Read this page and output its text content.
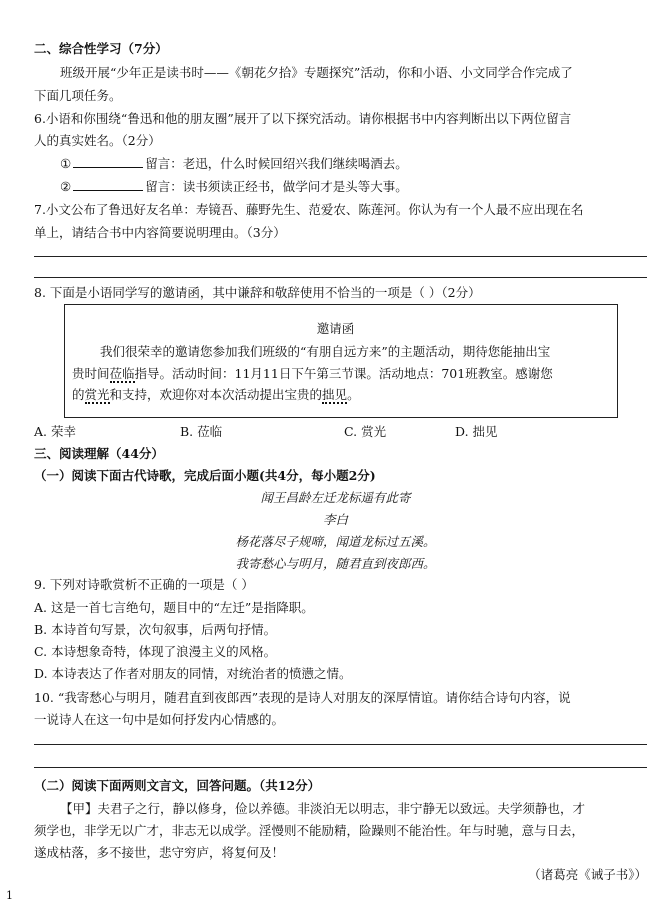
二、综合性学习（7分）
班级开展“少年正是读书时——《朝花夕拾》专题探究”活动，你和小语、小文同学合作完成了
下面几项任务。
6.小语和你围绕“鲁迅和他的朋友圈”展开了以下探究活动。请你根据书中内容判断出以下两位留言
人的真实姓名。（2分）
①	留言：老迅，什么时候回绍兴我们继续喝酒去。
②	留言：读书须读正经书，做学问才是头等大事。
7.小文公布了鲁迅好友名单：寿镜吾、藤野先生、范爱农、陈莲河。你认为有一个人最不应出现在名
单上，请结合书中内容简要说明理由。（3分）
8. 下面是小语同学写的邀请函，其中谦辞和敬辞使用不恰当的一项是（ ）（2分）
邀请函
我们很荣幸的邀请您参加我们班级的“有朋自远方来”的主题活动，期待您能抽出宝
贵时间莅临指导。活动时间：11月11日下午第三节课。活动地点：701班教室。感谢您
的赏光和支持，欢迎你对本次活动提出宝贵的拙见。
A. 荣幸	B. 莅临	C. 赏光	D. 拙见
三、阅读理解（44分）
（一）阅读下面古代诗歌，完成后面小题(共4分，每小题2分)
闻王昌龄左迁龙标遥有此寄
李白
杨花落尽子规啼，闻道龙标过五溪。
我寄愁心与明月，随君直到夜郎西。
9. 下列对诗歌赏析不正确的一项是（ ）
A. 这是一首七言绝句，题目中的“左迁”是指降职。
B. 本诗首句写景，次句叙事，后两句抒情。
C. 本诗想象奇特，体现了浪漫主义的风格。
D. 本诗表达了作者对朋友的同情，对统治者的愤懑之情。
10. “我寄愁心与明月，随君直到夜郎西”表现的是诗人对朋友的深厚情谊。请你结合诗句内容，说
一说诗人在这一句中是如何抒发内心情感的。
（二）阅读下面两则文言文，回答问题。（共12分）
【甲】夫君子之行，静以修身，俭以养德。非淡泊无以明志，非宁静无以致远。夫学须静也，才
须学也，非学无以广才，非志无以成学。淫慢则不能励精，险躁则不能治性。年与时驰，意与日去，
遂成枯落，多不接世，悲守穷庐，将复何及！
（诸葛亮《诫子书》）
1
